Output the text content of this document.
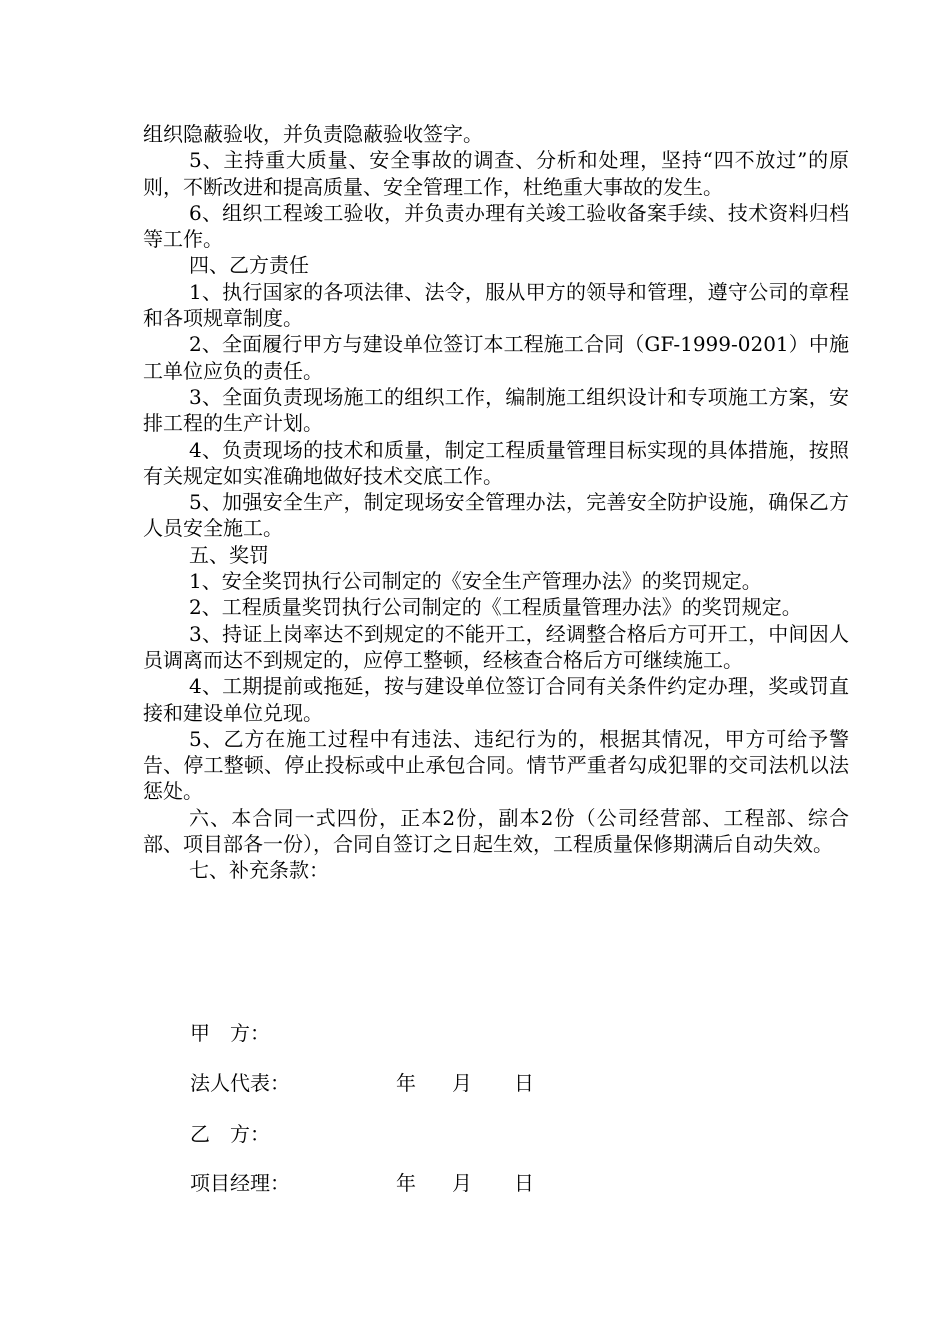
组织隐蔽验收，并负责隐蔽验收签字。

5、主持重大质量、安全事故的调查、分析和处理，坚持“四不放过”的原则，不断改进和提高质量、安全管理工作，杜绝重大事故的发生。

6、组织工程竣工验收，并负责办理有关竣工验收备案手续、技术资料归档等工作。

四、乙方责任

1、执行国家的各项法律、法令，服从甲方的领导和管理，遵守公司的章程和各项规章制度。

2、全面履行甲方与建设单位签订本工程施工合同（GF-1999-0201）中施工单位应负的责任。

3、全面负责现场施工的组织工作，编制施工组织设计和专项施工方案，安排工程的生产计划。

4、负责现场的技术和质量，制定工程质量管理目标实现的具体措施，按照有关规定如实准确地做好技术交底工作。

5、加强安全生产，制定现场安全管理办法，完善安全防护设施，确保乙方人员安全施工。

五、奖罚

1、安全奖罚执行公司制定的《安全生产管理办法》的奖罚规定。

2、工程质量奖罚执行公司制定的《工程质量管理办法》的奖罚规定。

3、持证上岗率达不到规定的不能开工，经调整合格后方可开工，中间因人员调离而达不到规定的，应停工整顿，经核查合格后方可继续施工。

4、工期提前或拖延，按与建设单位签订合同有关条件约定办理，奖或罚直接和建设单位兑现。

5、乙方在施工过程中有违法、违纪行为的，根据其情况，甲方可给予警告、停工整顿、停止投标或中止承包合同。情节严重者勾成犯罪的交司法机以法惩处。

六、本合同一式四份，正本2份，副本2份（公司经营部、工程部、综合部、项目部各一份），合同自签订之日起生效，工程质量保修期满后自动失效。

七、补充条款：

甲　方：
法人代表：	年 月 日
乙　方：
项目经理：	年 月 日
